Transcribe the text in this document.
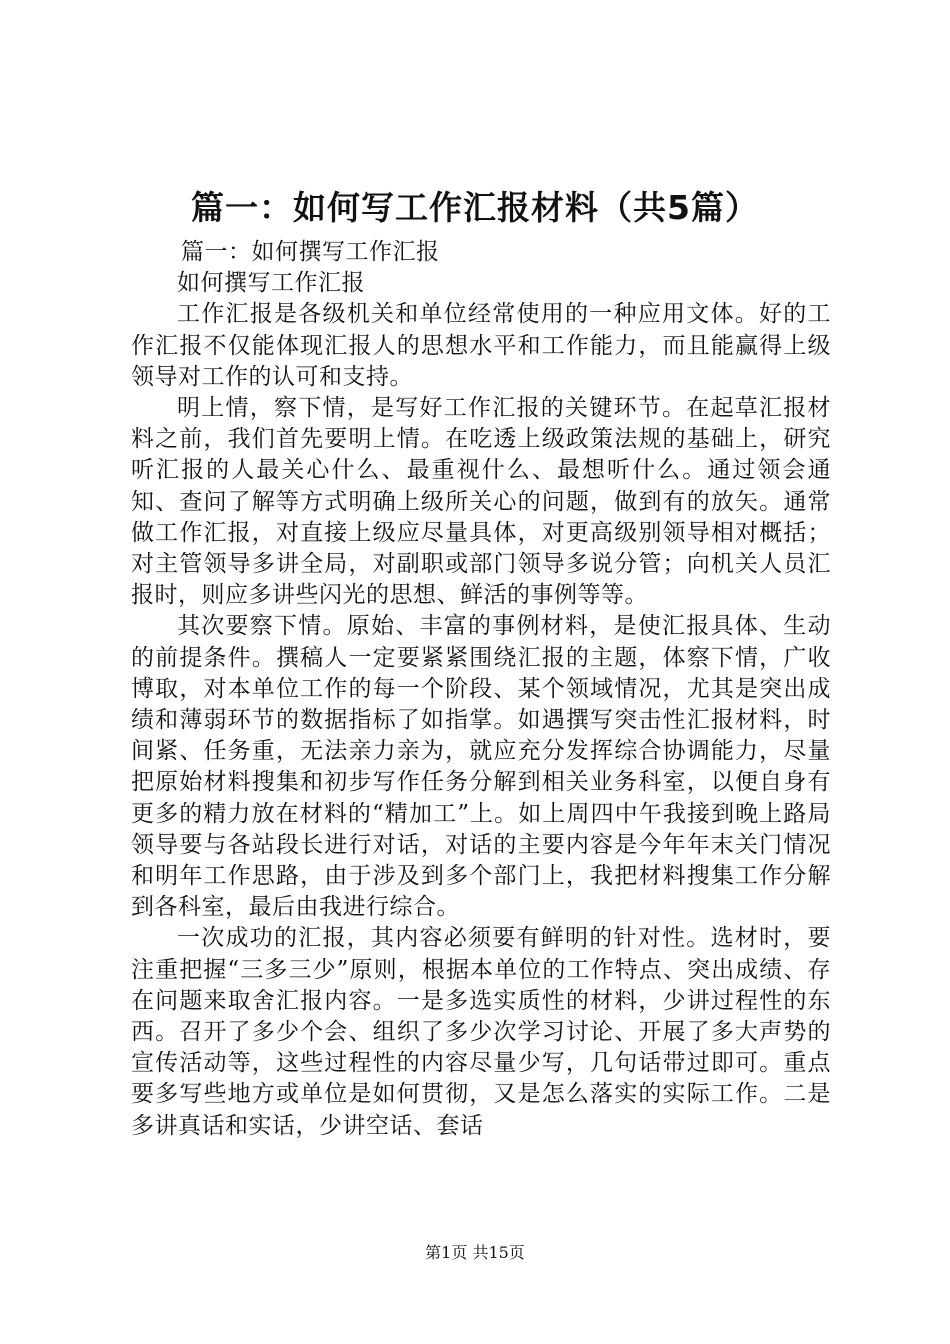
篇一：如何写工作汇报材料（共5篇）

篇一：如何撰写工作汇报

如何撰写工作汇报

工作汇报是各级机关和单位经常使用的一种应用文体。好的工作汇报不仅能体现汇报人的思想水平和工作能力，而且能赢得上级领导对工作的认可和支持。

明上情，察下情，是写好工作汇报的关键环节。在起草汇报材料之前，我们首先要明上情。在吃透上级政策法规的基础上，研究听汇报的人最关心什么、最重视什么、最想听什么。通过领会通知、查问了解等方式明确上级所关心的问题，做到有的放矢。通常做工作汇报，对直接上级应尽量具体，对更高级别领导相对概括；对主管领导多讲全局，对副职或部门领导多说分管；向机关人员汇报时，则应多讲些闪光的思想、鲜活的事例等等。

其次要察下情。原始、丰富的事例材料，是使汇报具体、生动的前提条件。撰稿人一定要紧紧围绕汇报的主题，体察下情，广收博取，对本单位工作的每一个阶段、某个领域情况，尤其是突出成绩和薄弱环节的数据指标了如指掌。如遇撰写突击性汇报材料，时间紧、任务重，无法亲力亲为，就应充分发挥综合协调能力，尽量把原始材料搜集和初步写作任务分解到相关业务科室，以便自身有更多的精力放在材料的“精加工”上。如上周四中午我接到晚上路局领导要与各站段长进行对话，对话的主要内容是今年年末关门情况和明年工作思路，由于涉及到多个部门上，我把材料搜集工作分解到各科室，最后由我进行综合。

一次成功的汇报，其内容必须要有鲜明的针对性。选材时，要注重把握“三多三少”原则，根据本单位的工作特点、突出成绩、存在问题来取舍汇报内容。一是多选实质性的材料，少讲过程性的东西。召开了多少个会、组织了多少次学习讨论、开展了多大声势的宣传活动等，这些过程性的内容尽量少写，几句话带过即可。重点要多写些地方或单位是如何贯彻，又是怎么落实的实际工作。二是多讲真话和实话，少讲空话、套话

第1页 共15页
